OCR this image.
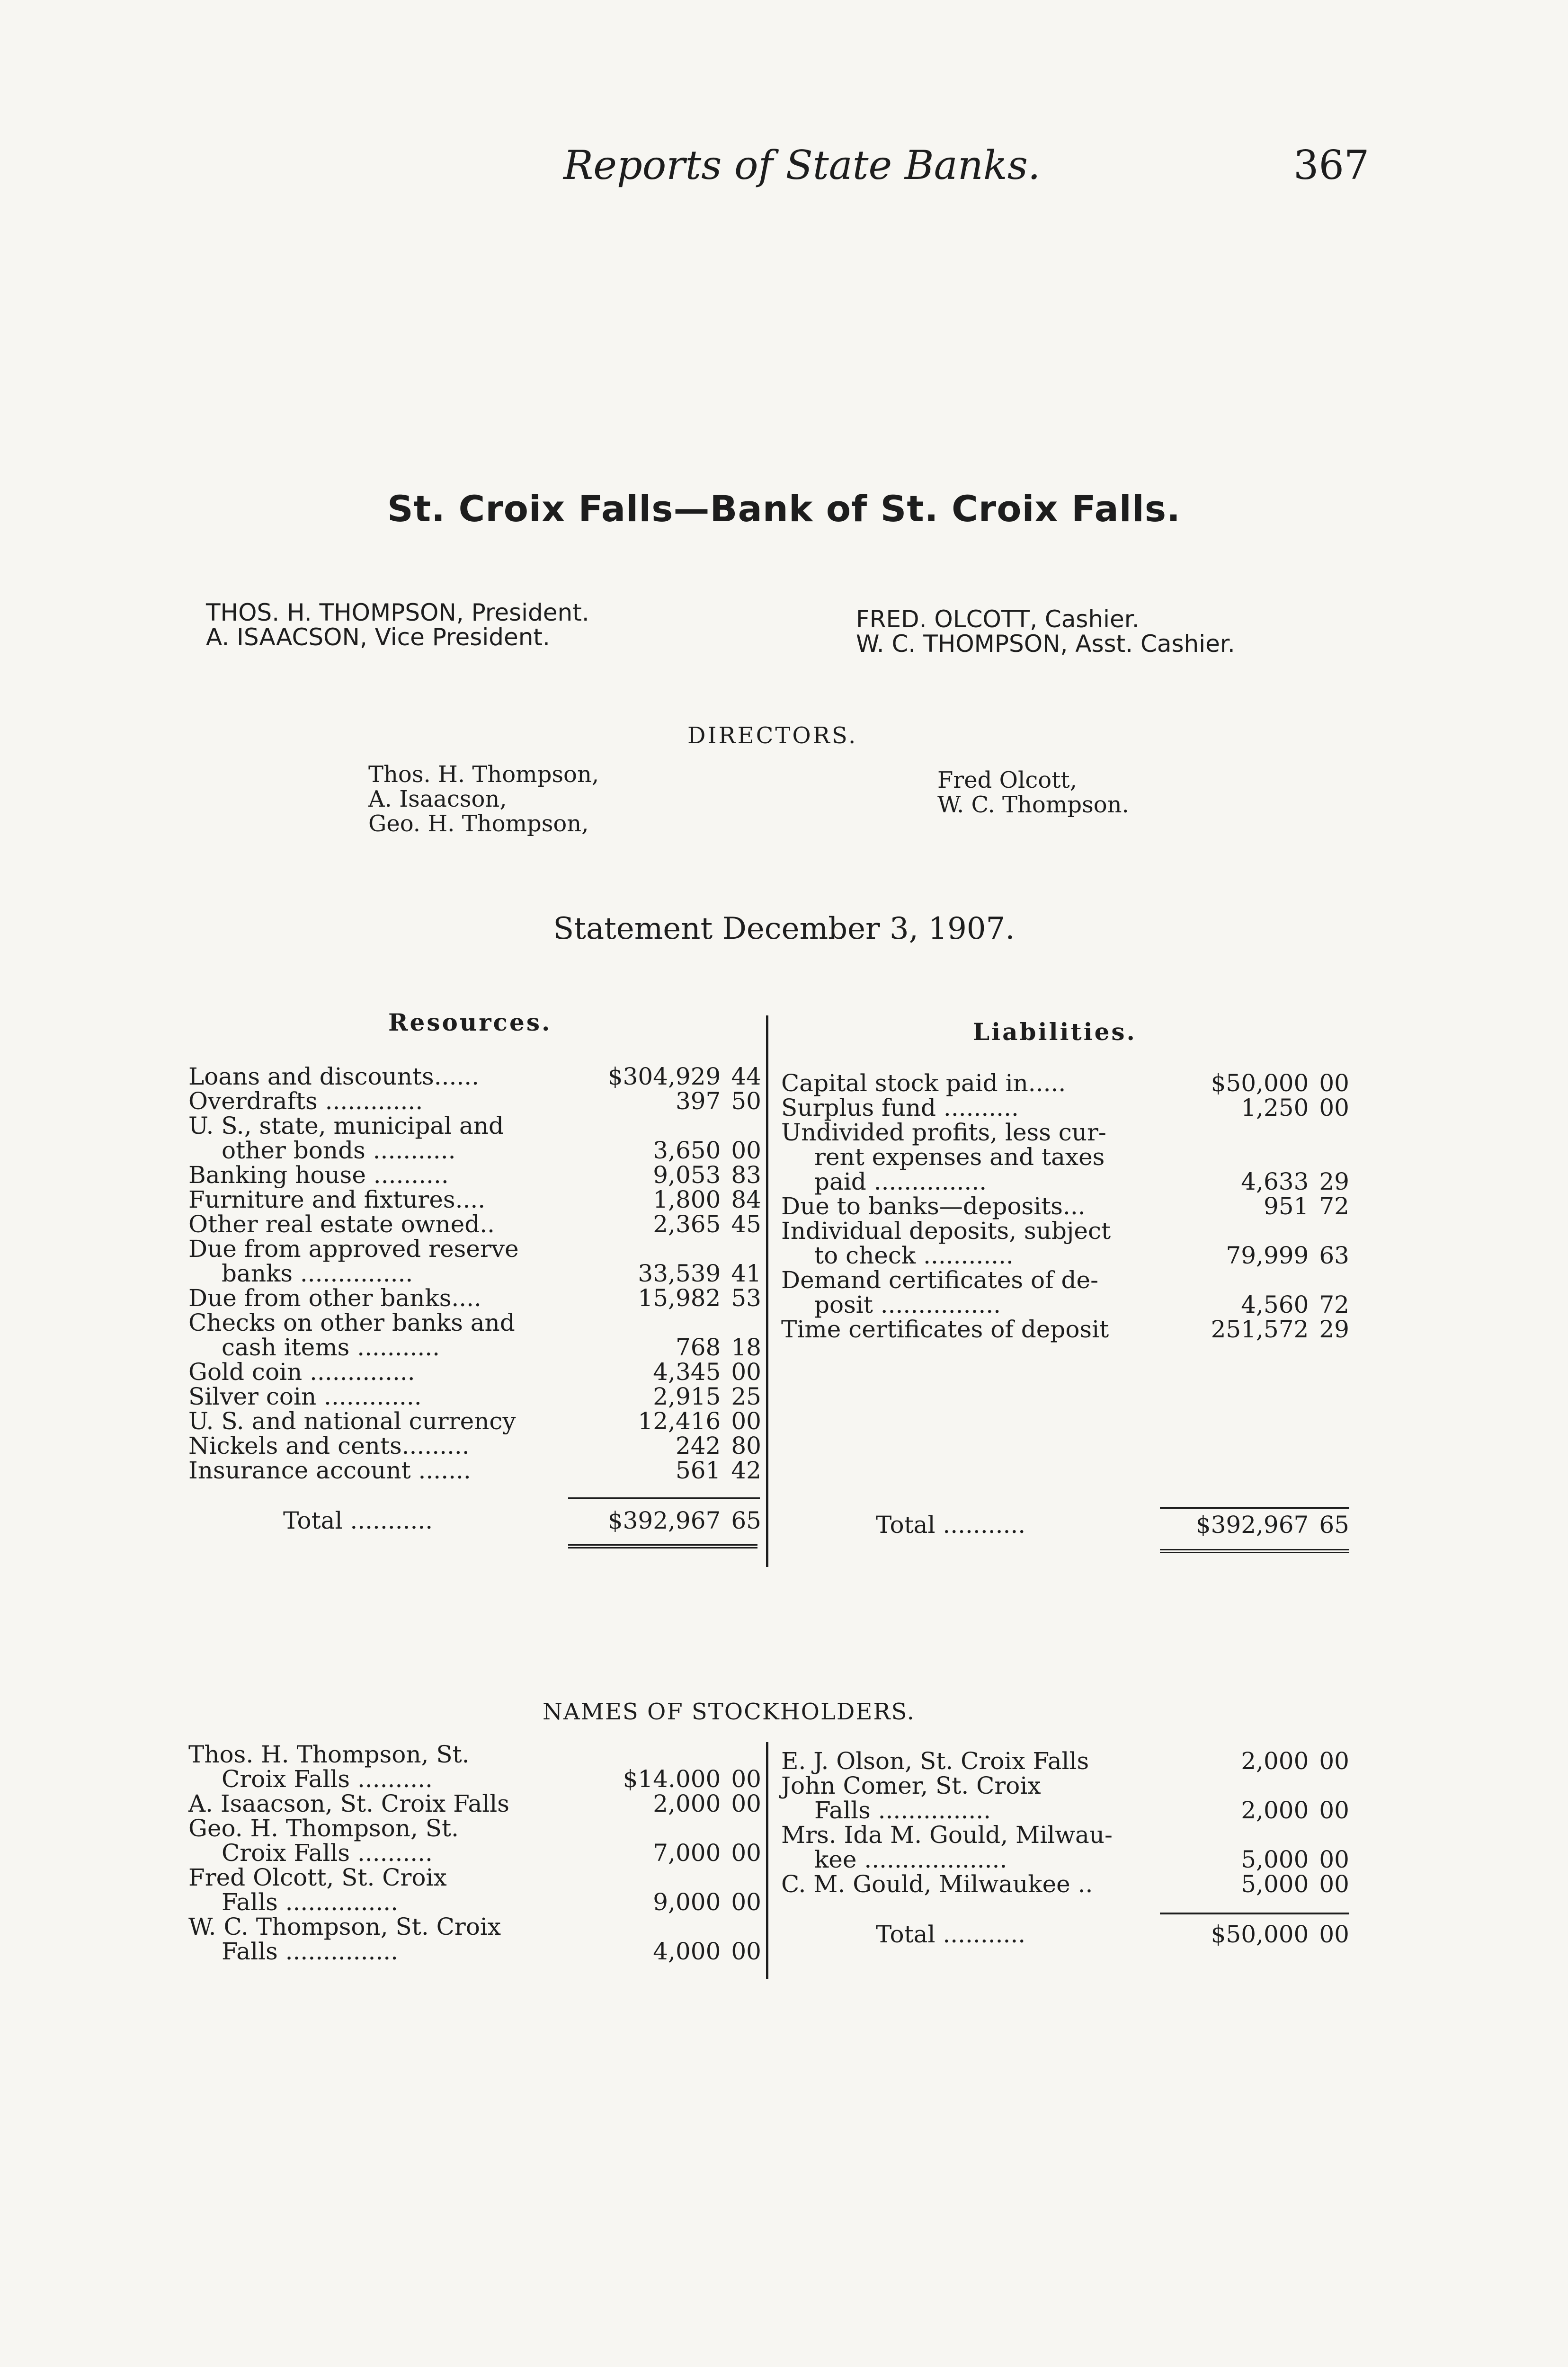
Reports of State Banks.	367
St. Croix Falls—Bank of St. Croix Falls.
THOS. H. THOMPSON, President.
A. ISAACSON, Vice President.
FRED. OLCOTT, Cashier.
W. C. THOMPSON, Asst. Cashier.
DIRECTORS.
Thos. H. Thompson,
A. Isaacson,
Geo. H. Thompson,
Fred Olcott,
W. C. Thompson.
Statement December 3, 1907.
Resources.	Liabilities.
Loans and discounts......	$304,929	44
Overdrafts .............	397	50
U. S., state, municipal and		
other bonds ...........	3,650	00
Banking house ..........	9,053	83
Furniture and fixtures....	1,800	84
Other real estate owned..	2,365	45
Due from approved reserve		
banks ...............	33,539	41
Due from other banks....	15,982	53
Checks on other banks and		
cash items ...........	768	18
Gold coin ..............	4,345	00
Silver coin .............	2,915	25
U. S. and national currency	12,416	00
Nickels and cents.........	242	80
Insurance account .......	561	42
Total ...........	$392,967	65
Capital stock paid in.....	$50,000	00
Surplus fund ..........	1,250	00
Undivided profits, less cur-		
rent expenses and taxes		
paid ...............	4,633	29
Due to banks—deposits...	951	72
Individual deposits, subject		
to check ............	79,999	63
Demand certificates of de-		
posit ................	4,560	72
Time certificates of deposit	251,572	29
Total ...........	$392,967	65
NAMES OF STOCKHOLDERS.
Thos. H. Thompson, St.		
Croix Falls ..........	$14.000	00
A. Isaacson, St. Croix Falls	2,000	00
Geo. H. Thompson, St.		
Croix Falls ..........	7,000	00
Fred Olcott, St. Croix		
Falls ...............	9,000	00
W. C. Thompson, St. Croix		
Falls ...............	4,000	00
E. J. Olson, St. Croix Falls	2,000	00
John Comer, St. Croix		
Falls ...............	2,000	00
Mrs. Ida M. Gould, Milwau-		
kee ...................	5,000	00
C. M. Gould, Milwaukee ..	5,000	00
Total ...........	$50,000	00
